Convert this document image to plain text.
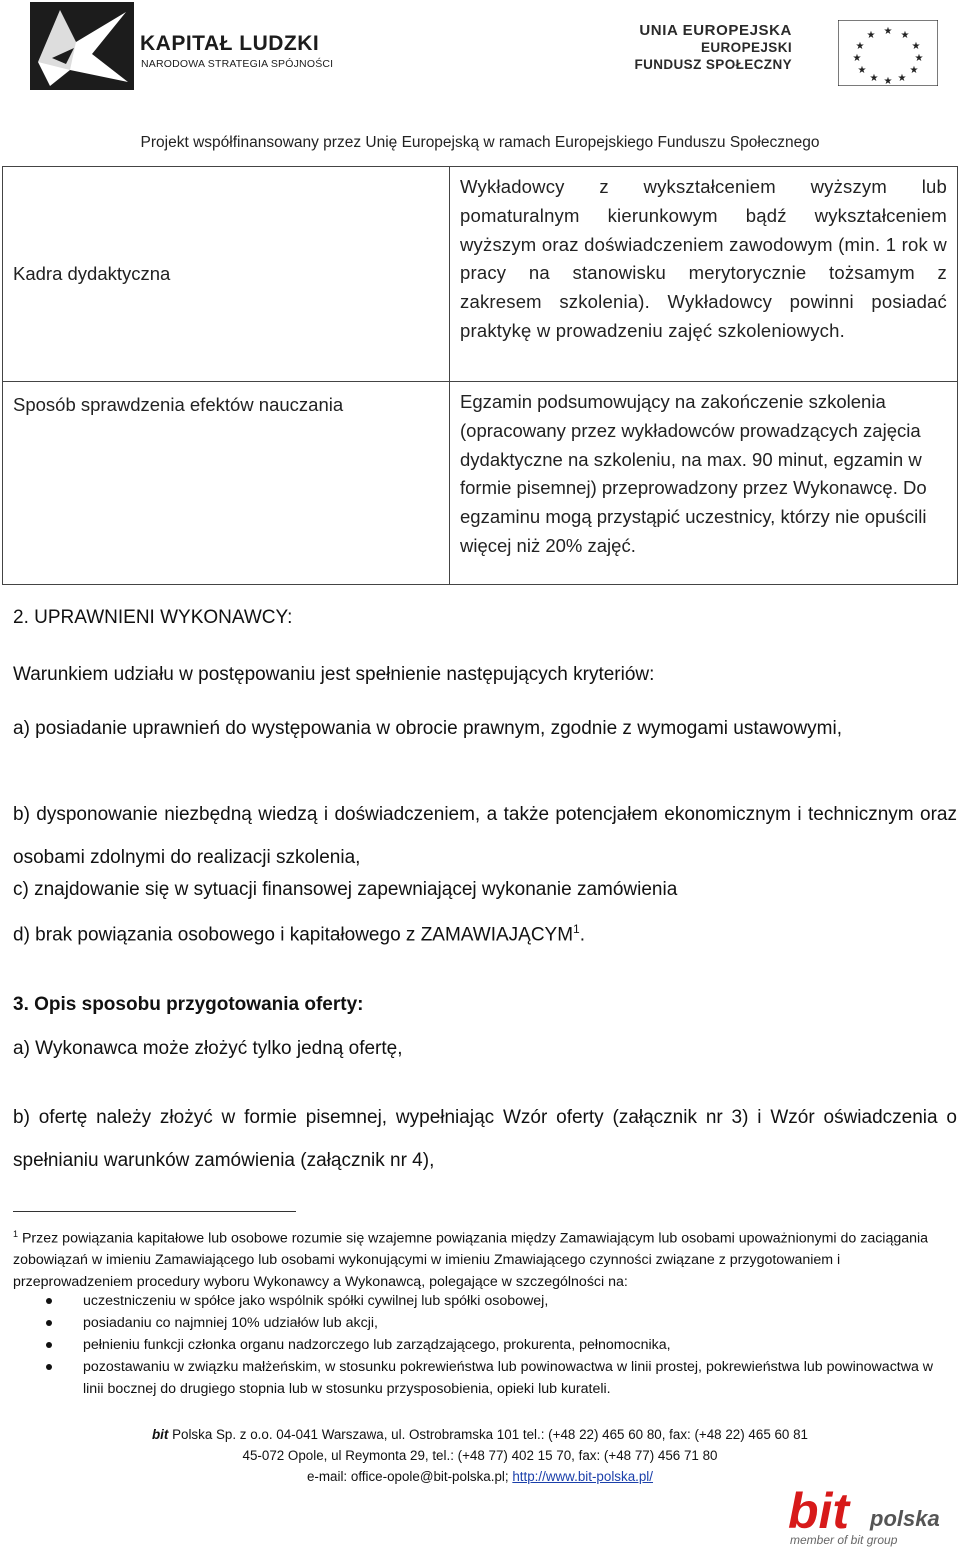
KAPITAŁ LUDZKI
NARODOWA STRATEGIA SPÓJNOŚCI
UNIA EUROPEJSKA
EUROPEJSKI
FUNDUSZ SPOŁECZNY
★ ★
★
★
★
★
★
★
★
★
★
★
Projekt współfinansowany przez Unię Europejską w ramach Europejskiego Funduszu Społecznego
Kadra dydaktyczna	Wykładowcy z wykształceniem wyższym lub pomaturalnym kierunkowym bądź wykształceniem wyższym oraz doświadczeniem zawodowym (min. 1 rok w pracy na stanowisku merytorycznie tożsamym z zakresem szkolenia). Wykładowcy powinni posiadać praktykę w prowadzeniu zajęć szkoleniowych.
Sposób sprawdzenia efektów nauczania	Egzamin podsumowujący na zakończenie szkolenia (opracowany przez wykładowców prowadzących zajęcia dydaktyczne na szkoleniu, na max. 90 minut, egzamin w formie pisemnej) przeprowadzony przez Wykonawcę. Do egzaminu mogą przystąpić uczestnicy, którzy nie opuścili więcej niż 20% zajęć.
2. UPRAWNIENI WYKONAWCY:
Warunkiem udziału w postępowaniu jest spełnienie następujących kryteriów:
a) posiadanie uprawnień do występowania w obrocie prawnym, zgodnie z wymogami ustawowymi,
b) dysponowanie niezbędną wiedzą i doświadczeniem, a także potencjałem ekonomicznym i technicznym oraz osobami zdolnymi do realizacji szkolenia,
c) znajdowanie się w sytuacji finansowej zapewniającej wykonanie zamówienia
d) brak powiązania osobowego i kapitałowego z ZAMAWIAJĄCYM$^1$.
3. Opis sposobu przygotowania oferty:
a) Wykonawca może złożyć tylko jedną ofertę,
b) ofertę należy złożyć w formie pisemnej, wypełniając Wzór oferty (załącznik nr 3) i Wzór oświadczenia o spełnianiu warunków zamówienia (załącznik nr 4),
$^1$ Przez powiązania kapitałowe lub osobowe rozumie się wzajemne powiązania między Zamawiającym lub osobami upoważnionymi do zaciągania zobowiązań w imieniu Zamawiającego lub osobami wykonującymi w imieniu Zmawiającego czynności związane z przygotowaniem i przeprowadzeniem procedury wyboru Wykonawcy a Wykonawcą, polegające w szczególności na:
uczestniczeniu w spółce jako wspólnik spółki cywilnej lub spółki osobowej,
posiadaniu co najmniej 10% udziałów lub akcji,
pełnieniu funkcji członka organu nadzorczego lub zarządzającego, prokurenta, pełnomocnika,
pozostawaniu w związku małżeńskim, w stosunku pokrewieństwa lub powinowactwa w linii prostej, pokrewieństwa lub powinowactwa w linii bocznej do drugiego stopnia lub w stosunku przysposobienia, opieki lub kurateli.
bit Polska Sp. z o.o. 04-041 Warszawa, ul. Ostrobramska 101 tel.: (+48 22) 465 60 80, fax: (+48 22) 465 60 81
45-072 Opole, ul Reymonta 29, tel.: (+48 77) 402 15 70, fax: (+48 77) 456 71 80
e-mail: office-opole@bit-polska.pl; http://www.bit-polska.pl/
bit polska
member of bit group
